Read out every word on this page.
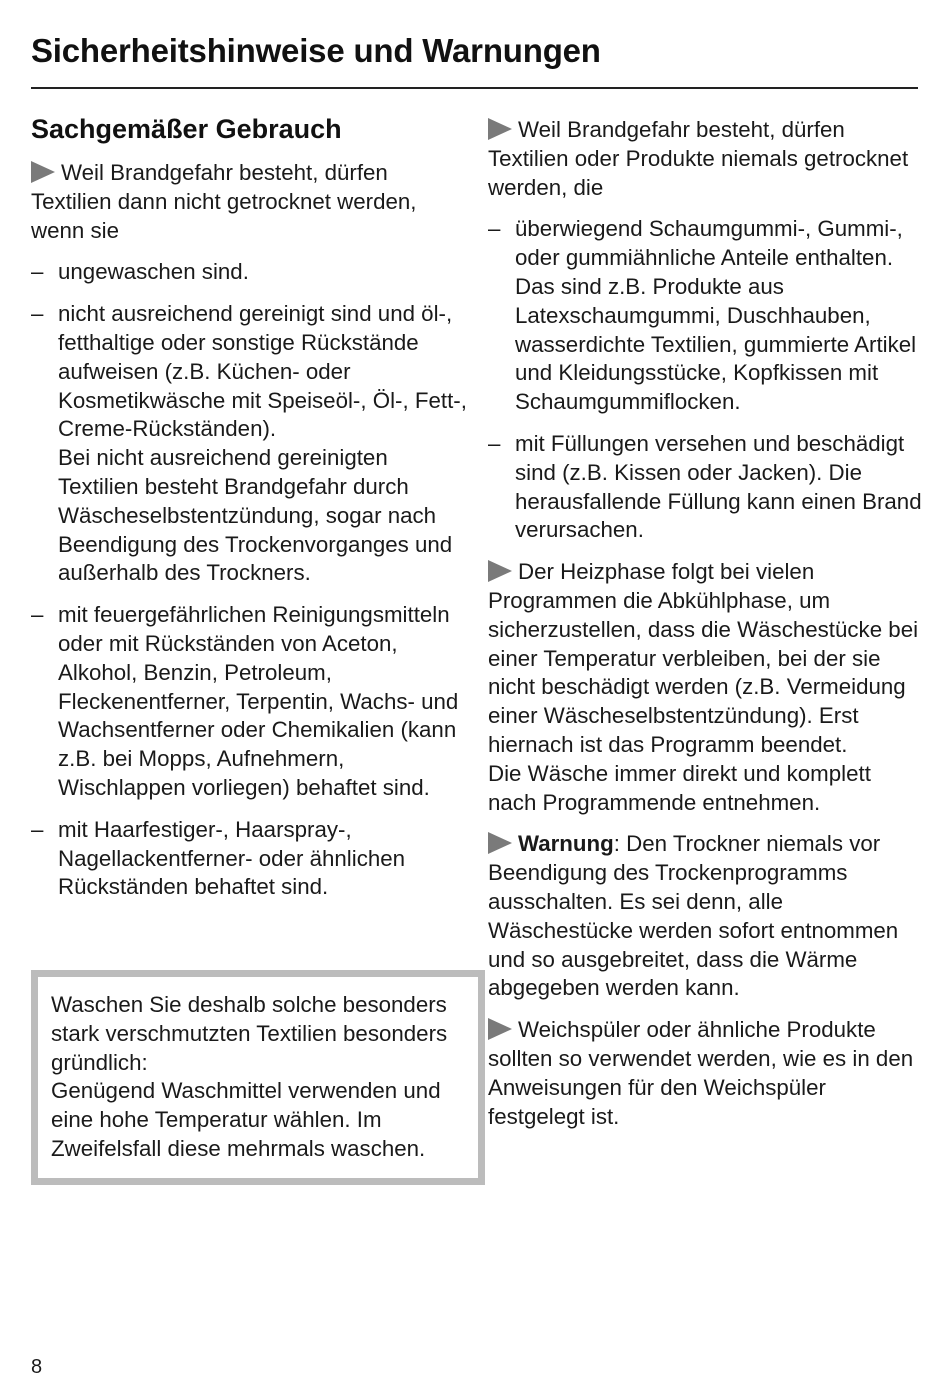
Sicherheitshinweise und Warnungen
Sachgemäßer Gebrauch

Weil Brandgefahr besteht, dürfen Textilien dann nicht getrocknet werden, wenn sie

– ungewaschen sind.
– nicht ausreichend gereinigt sind und öl-, fetthaltige oder sonstige Rückstände aufweisen (z.B. Küchen- oder Kosmetikwäsche mit Speiseöl-, Öl-, Fett-, Creme-Rückständen).
Bei nicht ausreichend gereinigten Textilien besteht Brandgefahr durch Wäscheselbstentzündung, sogar nach Beendigung des Trockenvorganges und außerhalb des Trockners.
– mit feuergefährlichen Reinigungsmitteln oder mit Rückständen von Aceton, Alkohol, Benzin, Petroleum, Fleckenentferner, Terpentin, Wachs- und Wachsentferner oder Chemikalien (kann z.B. bei Mopps, Aufnehmern, Wischlappen vorliegen) behaftet sind.
– mit Haarfestiger-, Haarspray-, Nagellackentferner- oder ähnlichen Rückständen behaftet sind.
Waschen Sie deshalb solche besonders stark verschmutzten Textilien besonders gründlich:
Genügend Waschmittel verwenden und eine hohe Temperatur wählen. Im Zweifelsfall diese mehrmals waschen.

Weil Brandgefahr besteht, dürfen Textilien oder Produkte niemals getrocknet werden, die

– überwiegend Schaumgummi-, Gummi-, oder gummiähnliche Anteile enthalten. Das sind z.B. Produkte aus Latexschaumgummi, Duschhauben, wasserdichte Textilien, gummierte Artikel und Kleidungsstücke, Kopfkissen mit Schaumgummiflocken.
– mit Füllungen versehen und beschädigt sind (z.B. Kissen oder Jacken). Die herausfallende Füllung kann einen Brand verursachen.

Der Heizphase folgt bei vielen Programmen die Abkühlphase, um sicherzustellen, dass die Wäschestücke bei einer Temperatur verbleiben, bei der sie nicht beschädigt werden (z.B. Vermeidung einer Wäscheselbstentzündung). Erst hiernach ist das Programm beendet.
Die Wäsche immer direkt und komplett nach Programmende entnehmen.

Warnung: Den Trockner niemals vor Beendigung des Trockenprogramms ausschalten. Es sei denn, alle Wäschestücke werden sofort entnommen und so ausgebreitet, dass die Wärme abgegeben werden kann.

Weichspüler oder ähnliche Produkte sollten so verwendet werden, wie es in den Anweisungen für den Weichspüler festgelegt ist.

8
